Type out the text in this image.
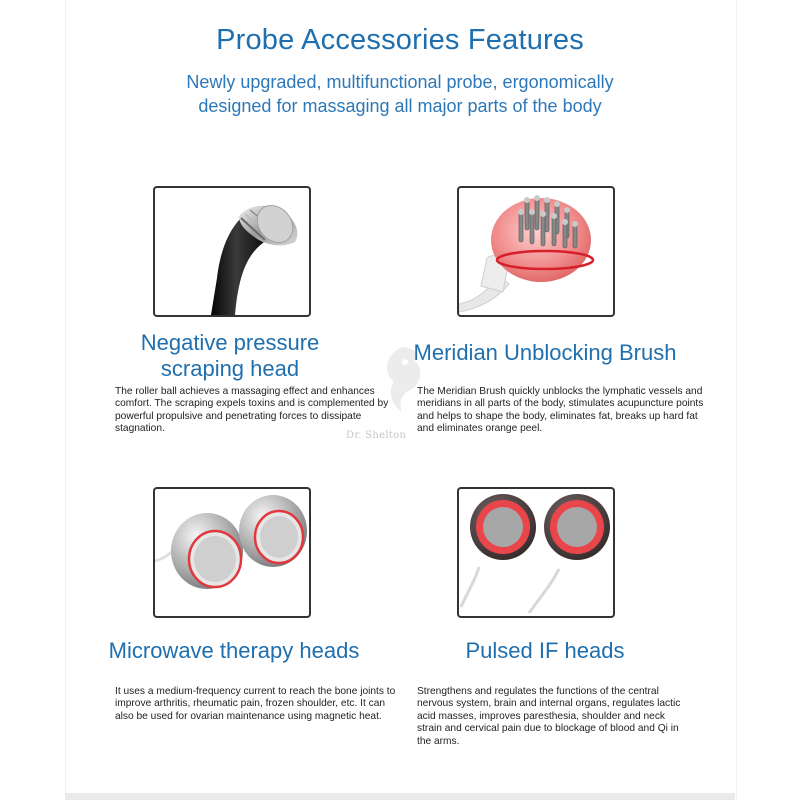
Probe Accessories Features
Newly upgraded, multifunctional probe, ergonomically
designed for massaging all major parts of the body
Dr. Shelton
Negative pressure
scraping head
The roller ball achieves a massaging effect and enhances comfort. The scraping expels toxins and is complemented by powerful propulsive and penetrating forces to dissipate stagnation.
Meridian Unblocking Brush
The Meridian Brush quickly unblocks the lymphatic vessels and meridians in all parts of the body, stimulates acupuncture points and helps to shape the body, eliminates fat, breaks up hard fat and eliminates orange peel.
Microwave therapy heads
It uses a medium-frequency current to reach the bone joints to improve arthritis, rheumatic pain, frozen shoulder, etc. It can also be used for ovarian maintenance using magnetic heat.
Pulsed IF heads
Strengthens and regulates the functions of the central nervous system, brain and internal organs, regulates lactic acid masses, improves paresthesia, shoulder and neck strain and cervical pain due to blockage of blood and Qi in the arms.
